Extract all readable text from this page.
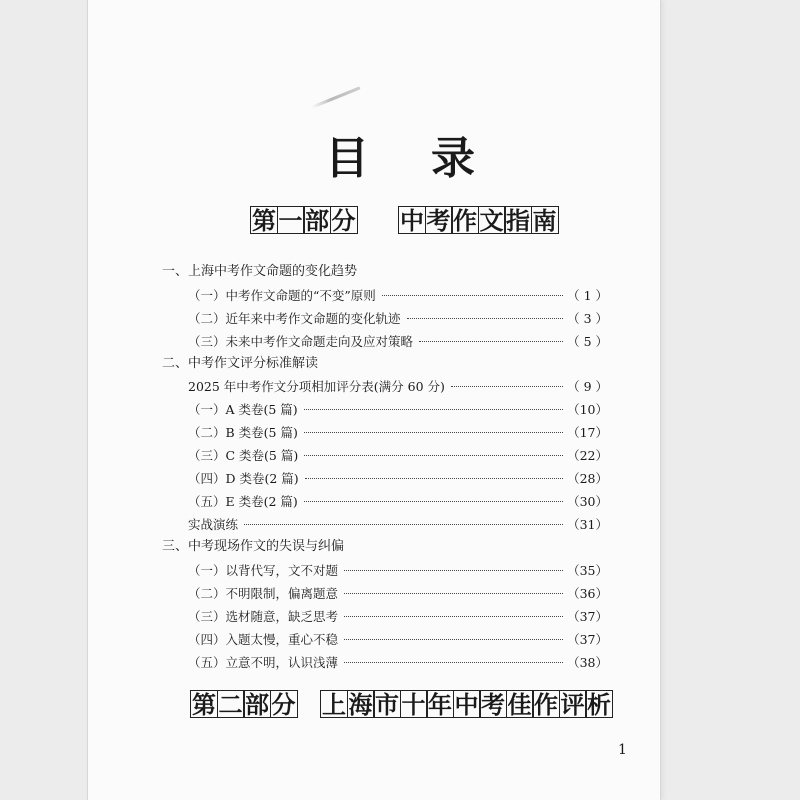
目 录
第 一 部 分 中 考 作 文 指 南
一、上海中考作文命题的变化趋势
（一）中考作文命题的“不变”原则	（ 1 ）
（二）近年来中考作文命题的变化轨迹	（ 3 ）
（三）未来中考作文命题走向及应对策略	（ 5 ）
二、中考作文评分标准解读
2025 年中考作文分项相加评分表(满分 60 分)	（ 9 ）
（一）A 类卷(5 篇)	（10）
（二）B 类卷(5 篇)	（17）
（三）C 类卷(5 篇)	（22）
（四）D 类卷(2 篇)	（28）
（五）E 类卷(2 篇)	（30）
实战演练	（31）
三、中考现场作文的失误与纠偏
（一）以背代写，文不对题	（35）
（二）不明限制，偏离题意	（36）
（三）选材随意，缺乏思考	（37）
（四）入题太慢，重心不稳	（37）
（五）立意不明，认识浅薄	（38）
第 二 部 分 上 海 市 十 年 中 考 佳 作 评 析
1
